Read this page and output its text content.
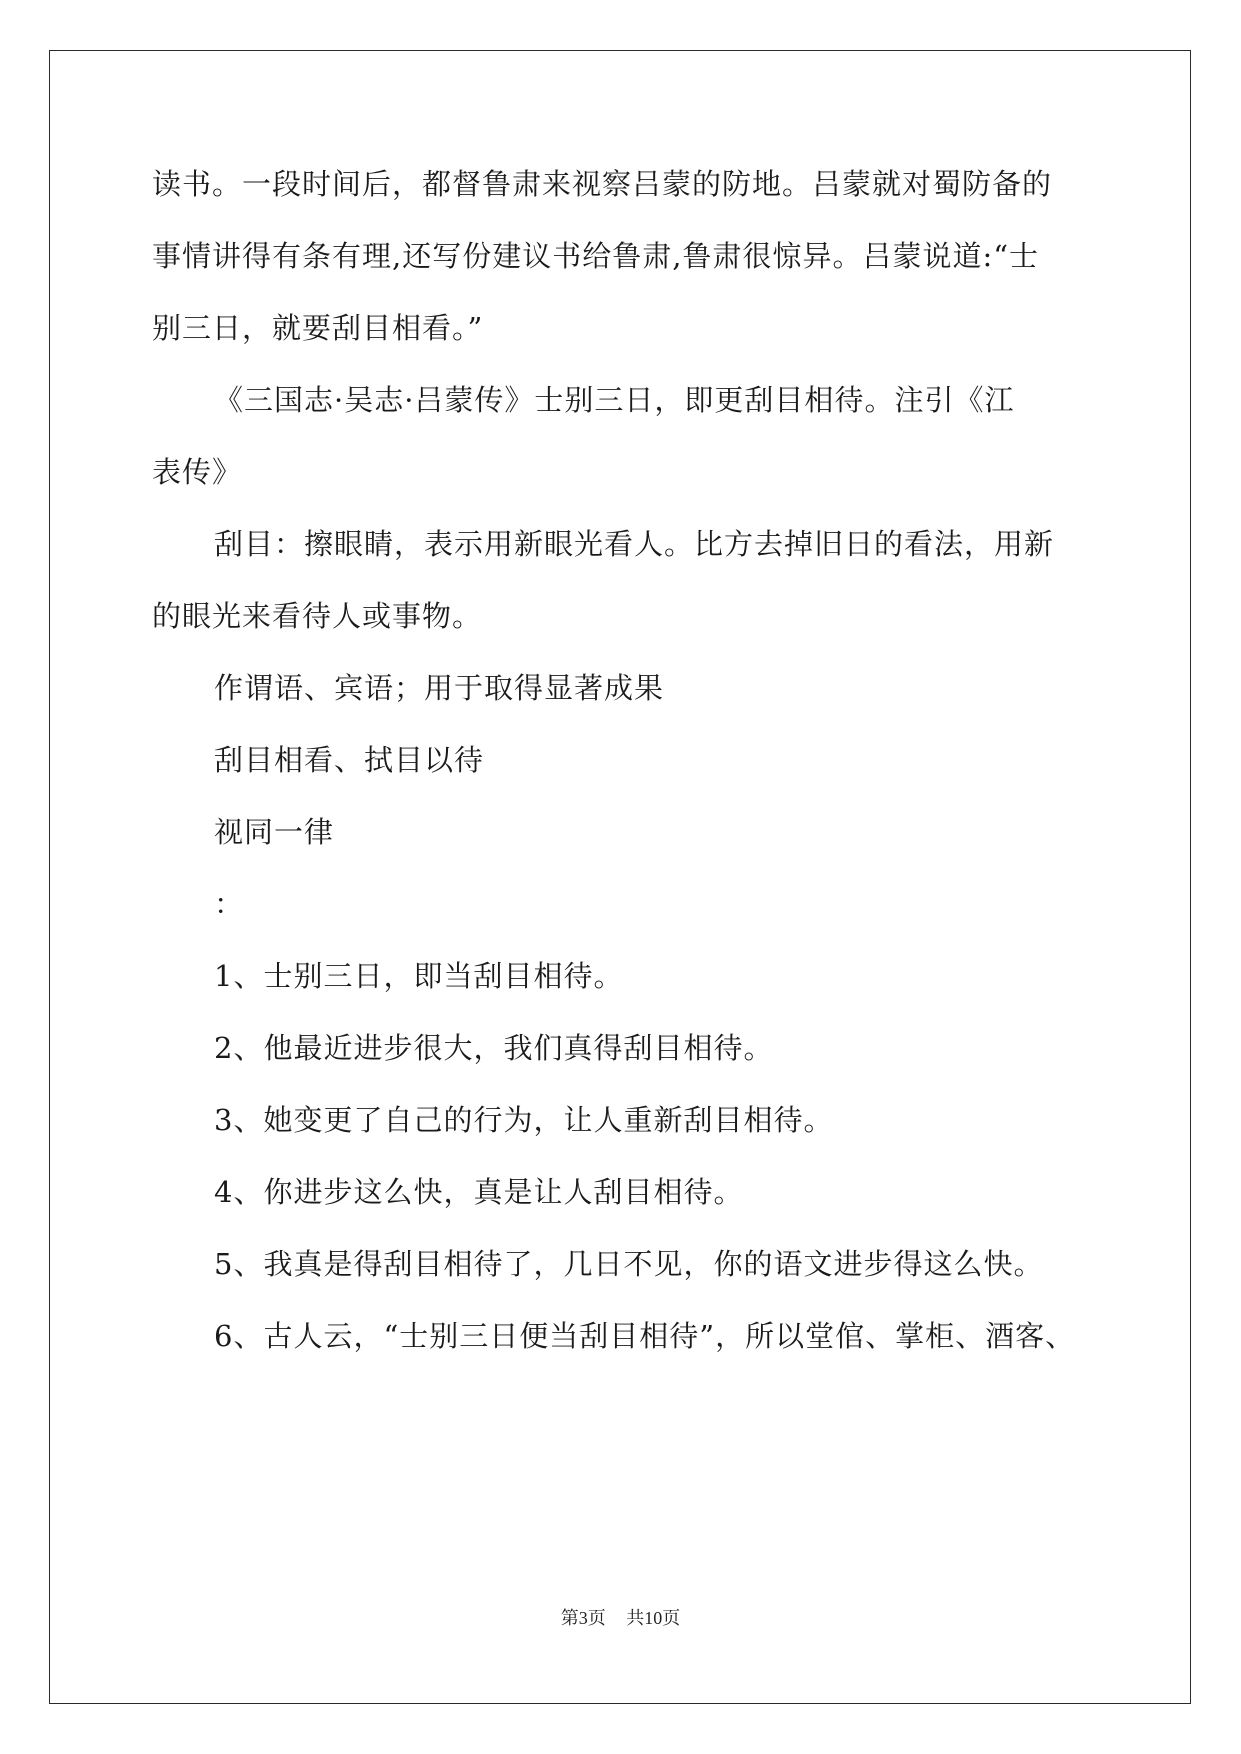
读书。一段时间后，都督鲁肃来视察吕蒙的防地。吕蒙就对蜀防备的

事情讲得有条有理,还写份建议书给鲁肃,鲁肃很惊异。吕蒙说道:“士

别三日，就要刮目相看。”

《三国志·吴志·吕蒙传》士别三日，即更刮目相待。注引《江

表传》

刮目：擦眼睛，表示用新眼光看人。比方去掉旧日的看法，用新

的眼光来看待人或事物。

作谓语、宾语；用于取得显著成果

刮目相看、拭目以待

视同一律

：

1、士别三日，即当刮目相待。

2、他最近进步很大，我们真得刮目相待。

3、她变更了自己的行为，让人重新刮目相待。

4、你进步这么快，真是让人刮目相待。

5、我真是得刮目相待了，几日不见，你的语文进步得这么快。

6、古人云，“士别三日便当刮目相待”，所以堂倌、掌柜、酒客、

第3页 共10页
